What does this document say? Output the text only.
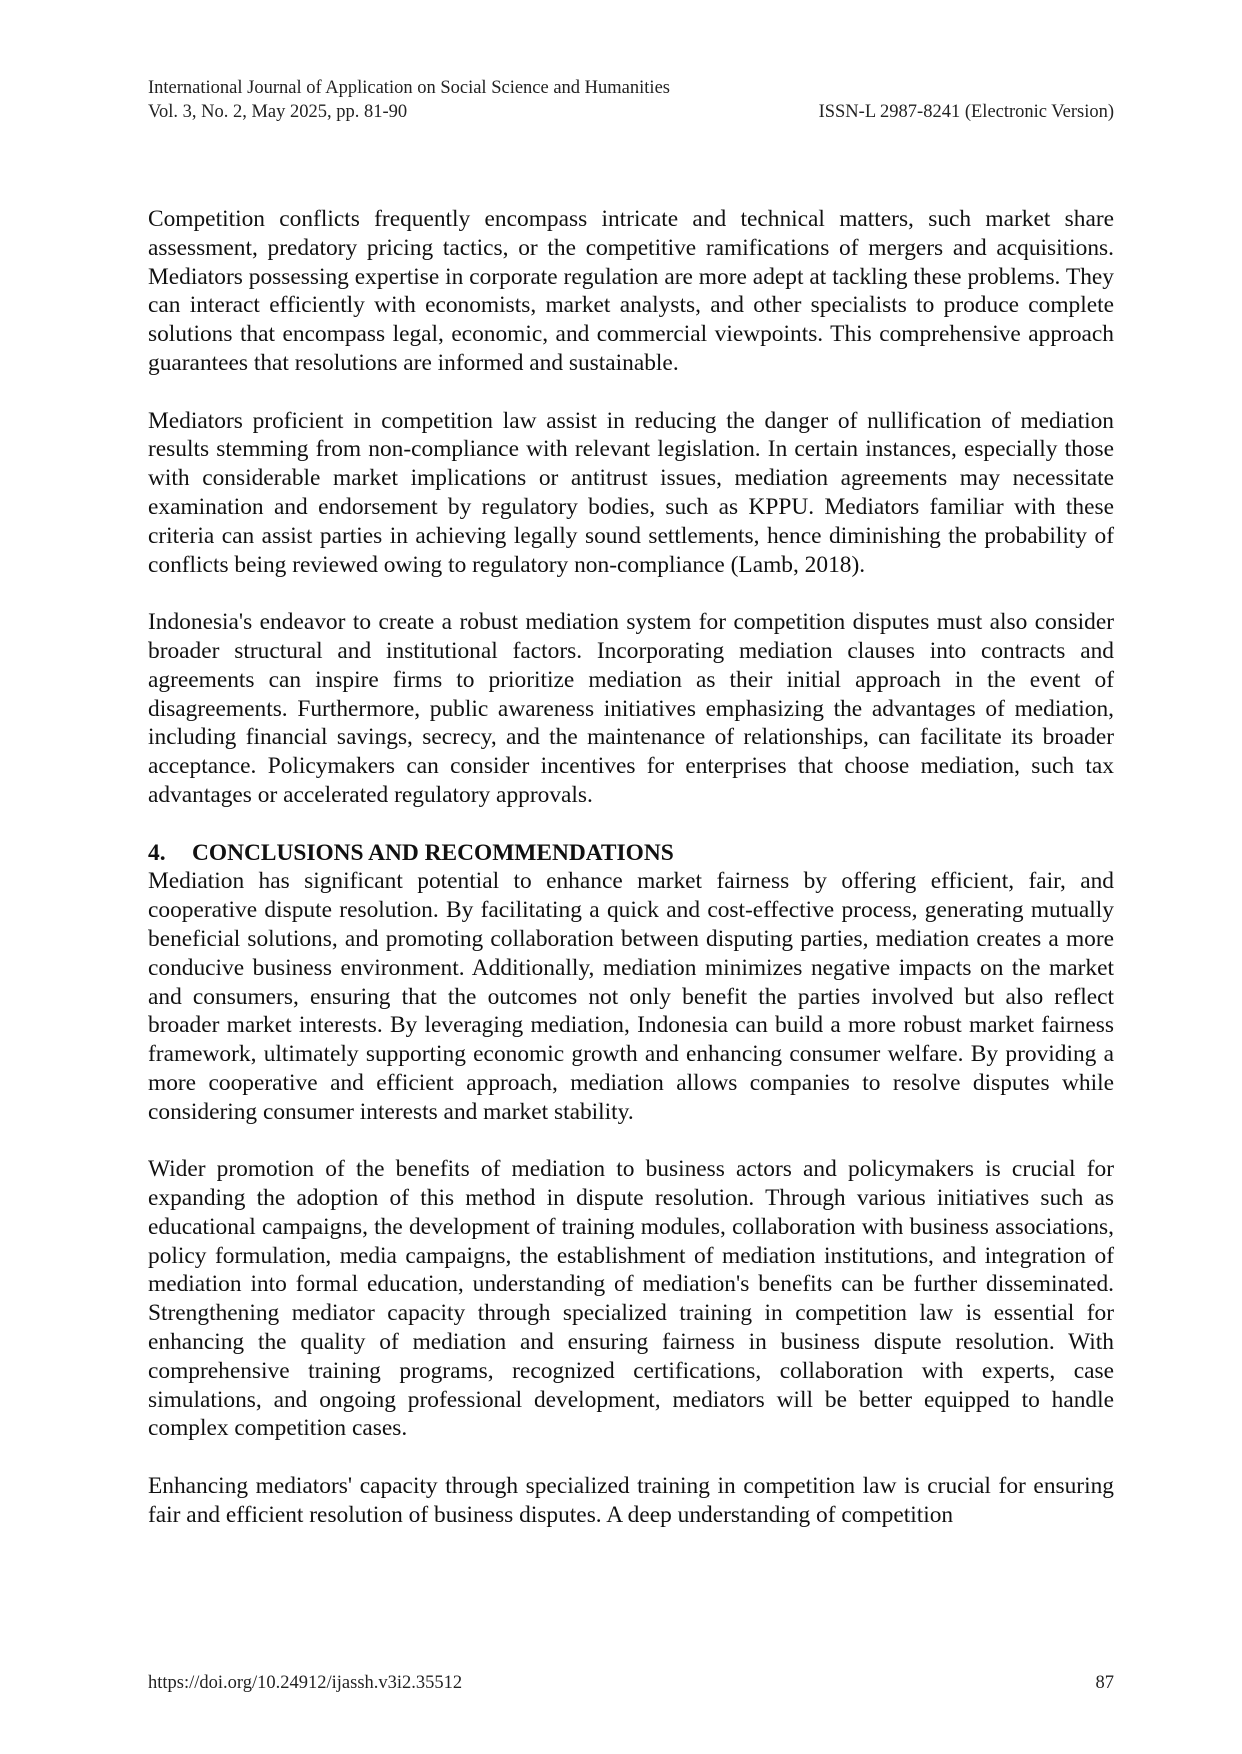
International Journal of Application on Social Science and Humanities
Vol. 3, No. 2, May 2025, pp. 81-90	ISSN-L 2987-8241 (Electronic Version)

Competition conflicts frequently encompass intricate and technical matters, such market share assessment, predatory pricing tactics, or the competitive ramifications of mergers and acquisitions. Mediators possessing expertise in corporate regulation are more adept at tackling these problems. They can interact efficiently with economists, market analysts, and other specialists to produce complete solutions that encompass legal, economic, and commercial viewpoints. This comprehensive approach guarantees that resolutions are informed and sustainable.

Mediators proficient in competition law assist in reducing the danger of nullification of mediation results stemming from non-compliance with relevant legislation. In certain instances, especially those with considerable market implications or antitrust issues, mediation agreements may necessitate examination and endorsement by regulatory bodies, such as KPPU. Mediators familiar with these criteria can assist parties in achieving legally sound settlements, hence diminishing the probability of conflicts being reviewed owing to regulatory non-compliance (Lamb, 2018).

Indonesia's endeavor to create a robust mediation system for competition disputes must also consider broader structural and institutional factors. Incorporating mediation clauses into contracts and agreements can inspire firms to prioritize mediation as their initial approach in the event of disagreements. Furthermore, public awareness initiatives emphasizing the advantages of mediation, including financial savings, secrecy, and the maintenance of relationships, can facilitate its broader acceptance. Policymakers can consider incentives for enterprises that choose mediation, such tax advantages or accelerated regulatory approvals.

4. CONCLUSIONS AND RECOMMENDATIONS

Mediation has significant potential to enhance market fairness by offering efficient, fair, and cooperative dispute resolution. By facilitating a quick and cost-effective process, generating mutually beneficial solutions, and promoting collaboration between disputing parties, mediation creates a more conducive business environment. Additionally, mediation minimizes negative impacts on the market and consumers, ensuring that the outcomes not only benefit the parties involved but also reflect broader market interests. By leveraging mediation, Indonesia can build a more robust market fairness framework, ultimately supporting economic growth and enhancing consumer welfare. By providing a more cooperative and efficient approach, mediation allows companies to resolve disputes while considering consumer interests and market stability.

Wider promotion of the benefits of mediation to business actors and policymakers is crucial for expanding the adoption of this method in dispute resolution. Through various initiatives such as educational campaigns, the development of training modules, collaboration with business associations, policy formulation, media campaigns, the establishment of mediation institutions, and integration of mediation into formal education, understanding of mediation's benefits can be further disseminated. Strengthening mediator capacity through specialized training in competition law is essential for enhancing the quality of mediation and ensuring fairness in business dispute resolution. With comprehensive training programs, recognized certifications, collaboration with experts, case simulations, and ongoing professional development, mediators will be better equipped to handle complex competition cases.

Enhancing mediators' capacity through specialized training in competition law is crucial for ensuring fair and efficient resolution of business disputes. A deep understanding of competition

https://doi.org/10.24912/ijassh.v3i2.35512	87
